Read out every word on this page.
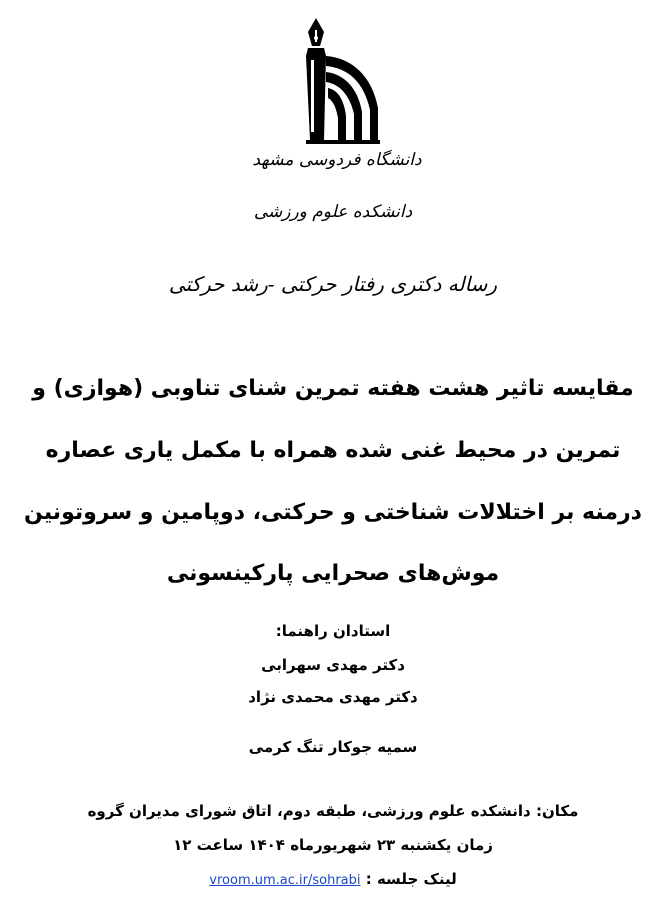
دانشگاه فردوسی مشهد
دانشکده علوم ورزشی
رساله دکتری رفتار حرکتی -رشد حرکتی
مقایسه تاثیر هشت هفته تمرین شنای تناوبی (هوازی) و
تمرین در محیط غنی شده همراه با مکمل یاری عصاره
درمنه بر اختلالات شناختی و حرکتی، دوپامین و سروتونین
موش‌های صحرایی پارکینسونی
استادان راهنما:
دکتر مهدی سهرابی
دکتر مهدی محمدی نژاد
سمیه جوکار تنگ کرمی
مکان: دانشکده علوم ورزشی، طبقه دوم، اتاق شورای مدیران گروه
زمان یکشنبه ۲۳ شهریورماه ۱۴۰۴ ساعت ۱۲
لینک جلسه : vroom.um.ac.ir/sohrabi
